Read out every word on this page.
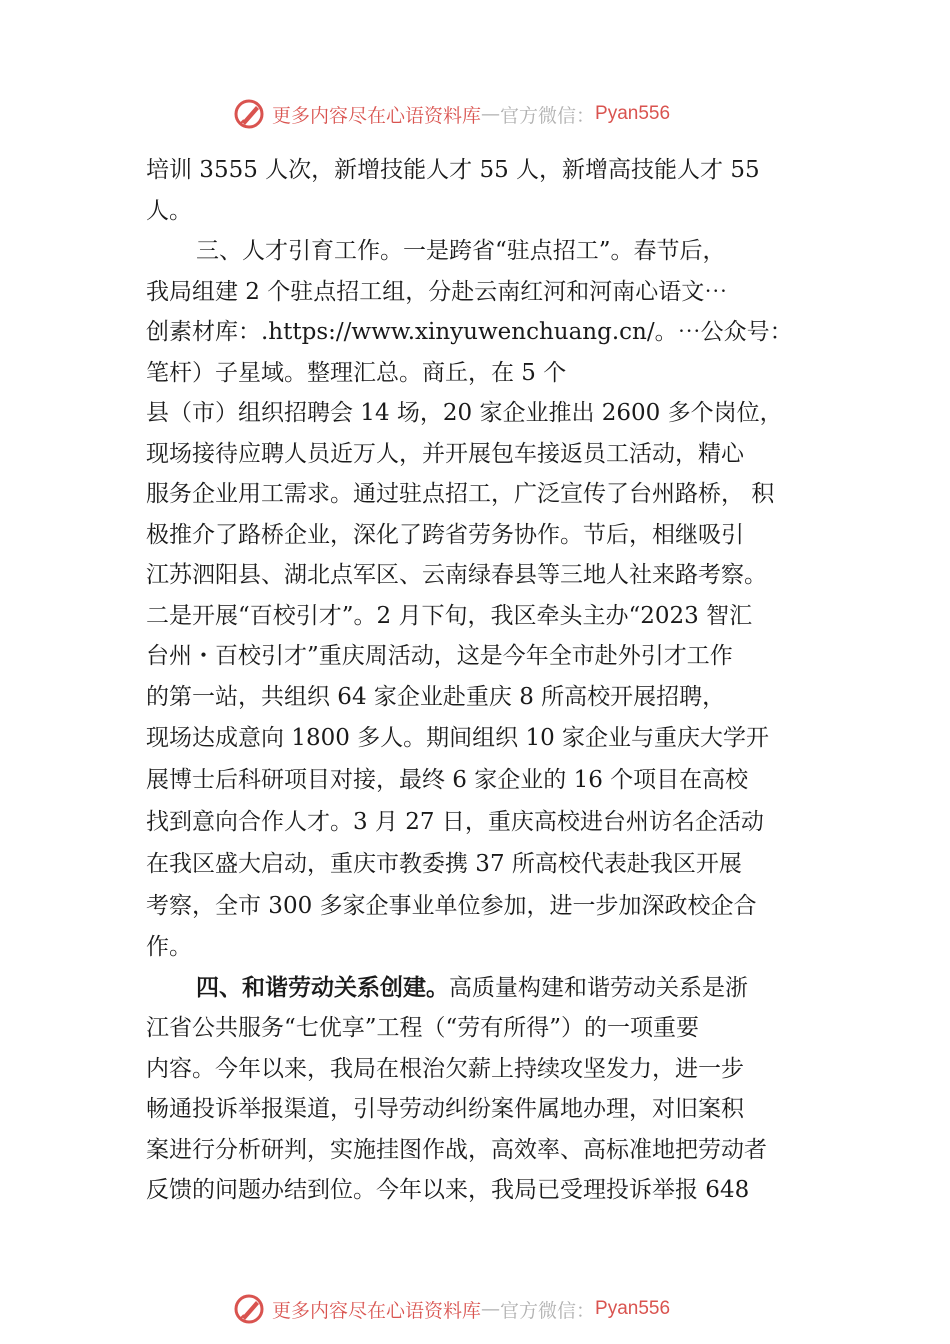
更多内容尽在心语资料库 — 官方微信： Pyan556
培训 3555 人次，新增技能人才 55 人，新增高技能人才 55
人。
三、人才引育工作。一是跨省“驻点招工”。春节后，
我局组建 2 个驻点招工组，分赴云南红河和河南心语文⋯
创素材库：.https://www.xinyuwenchuang.cn/。⋯公众号：
笔杆）子星域。整理汇总。商丘，在 5 个
县（市）组织招聘会 14 场，20 家企业推出 2600 多个岗位，
现场接待应聘人员近万人，并开展包车接返员工活动，精心
服务企业用工需求。通过驻点招工，广泛宣传了台州路桥， 积
极推介了路桥企业，深化了跨省劳务协作。节后，相继吸引
江苏泗阳县、湖北点军区、云南绿春县等三地人社来路考察。
二是开展“百校引才”。2 月下旬，我区牵头主办“2023 智汇
台州・百校引才”重庆周活动，这是今年全市赴外引才工作
的第一站，共组织 64 家企业赴重庆 8 所高校开展招聘，
现场达成意向 1800 多人。期间组织 10 家企业与重庆大学开
展博士后科研项目对接，最终 6 家企业的 16 个项目在高校
找到意向合作人才。3 月 27 日，重庆高校进台州访名企活动
在我区盛大启动，重庆市教委携 37 所高校代表赴我区开展
考察，全市 300 多家企事业单位参加，进一步加深政校企合
作。
四、和谐劳动关系创建。高质量构建和谐劳动关系是浙
江省公共服务“七优享”工程（“劳有所得”）的一项重要
内容。今年以来，我局在根治欠薪上持续攻坚发力，进一步
畅通投诉举报渠道，引导劳动纠纷案件属地办理，对旧案积
案进行分析研判，实施挂图作战，高效率、高标准地把劳动者
反馈的问题办结到位。今年以来，我局已受理投诉举报 648
更多内容尽在心语资料库 — 官方微信： Pyan556
